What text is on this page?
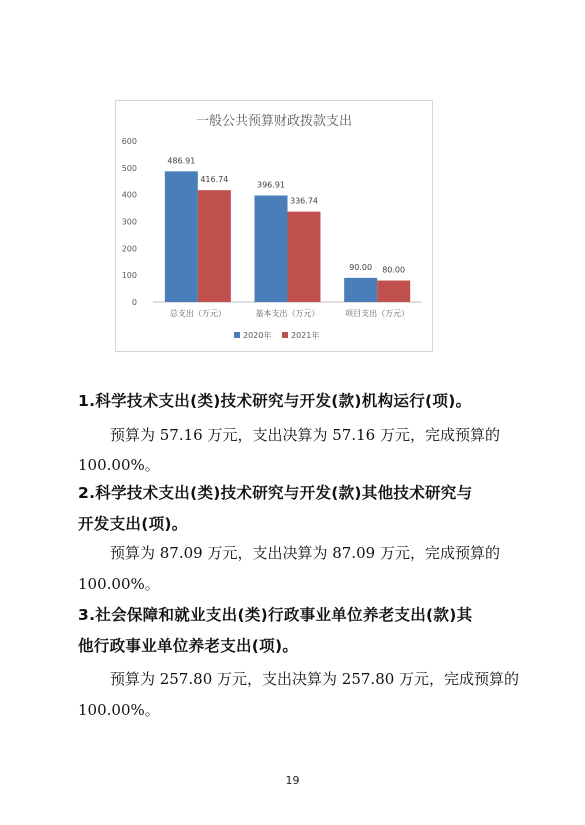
一般公共预算财政拨款支出
0
100
200
300
400
500
600
486.91
416.74
总支出（万元）
396.91
336.74
基本支出（万元）
90.00 80.00
项目支出（万元）
2020年 2021年
1.科学技术支出(类)技术研究与开发(款)机构运行(项)。
预算为 57.16 万元，支出决算为 57.16 万元，完成预算的
100.00%。
2.科学技术支出(类)技术研究与开发(款)其他技术研究与
开发支出(项)。
预算为 87.09 万元，支出决算为 87.09 万元，完成预算的
100.00%。
3.社会保障和就业支出(类)行政事业单位养老支出(款)其
他行政事业单位养老支出(项)。
预算为 257.80 万元，支出决算为 257.80 万元，完成预算的
100.00%。
19
